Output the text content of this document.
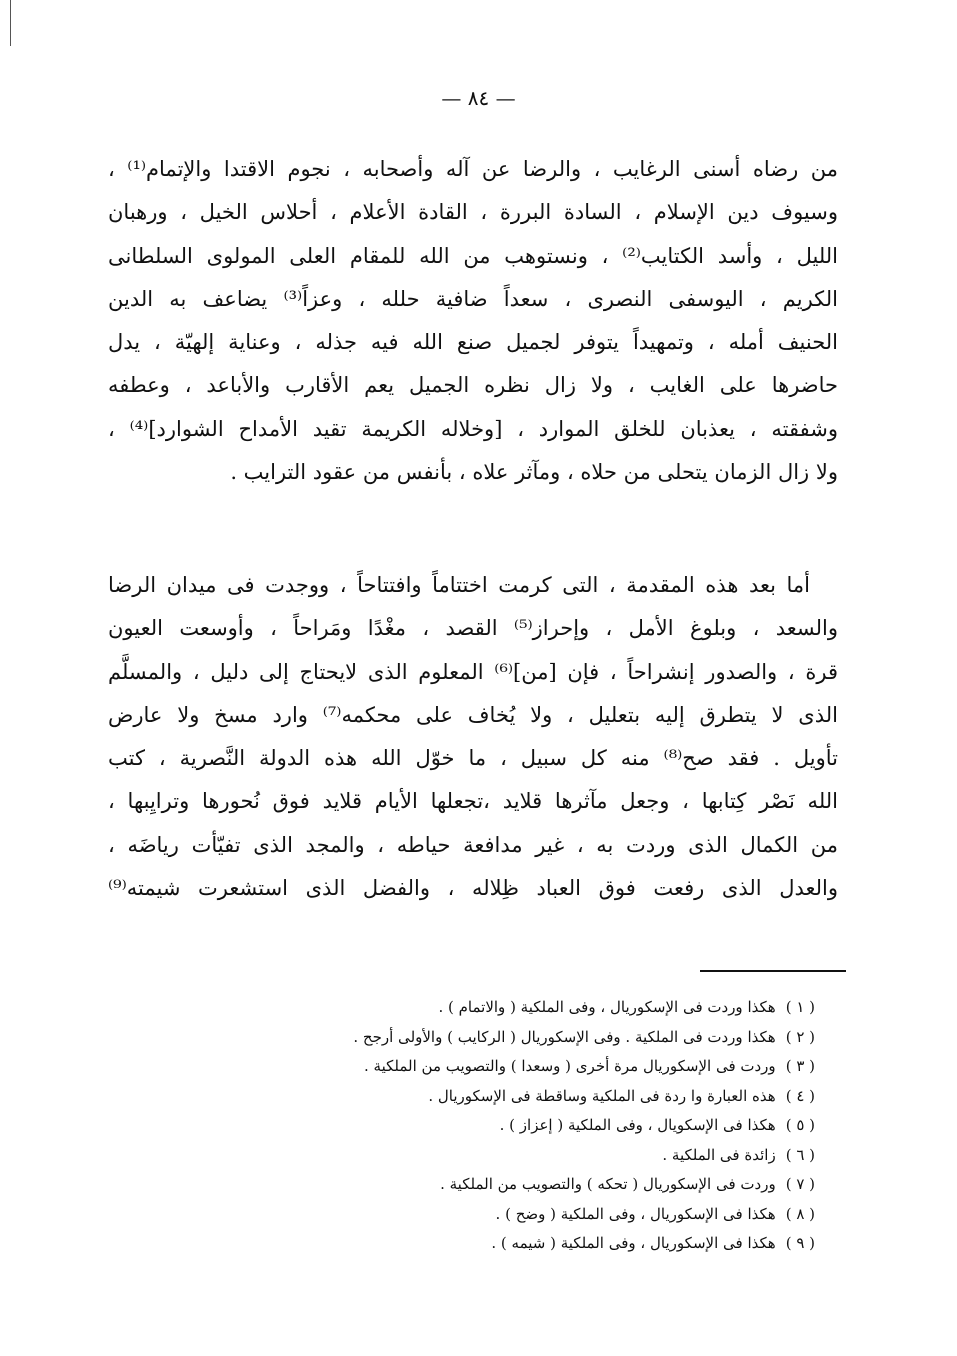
— ٨٤ —
من رضاه أسنى الرغايب ، والرضا عن آله وأصحابه ، نجوم الاقتدا والإتمام⁽¹⁾ ،
وسيوف دين الإسلام ، السادة البررة ، القادة الأعلام ، أحلاس الخيل ، ورهبان
الليل ، وأسد الكتايب⁽²⁾ ، ونستوهب من الله للمقام العلى المولوى السلطانى
الكريم ، اليوسفى النصرى ، سعداً ضافية حلله ، وعزاً⁽³⁾ يضاعف به الدين
الحنيف أمله ، وتمهيداً يتوفر لجميل صنع الله فيه جذله ، وعناية إلهيّة ، يدل
حاضرها على الغايب ، ولا زال نظره الجميل يعم الأقارب والأباعد ، وعطفه
وشفقته ، يعذبان للخلق الموارد ، [وخلاله الكريمة تقيد الأمداح الشوارد]⁽⁴⁾ ،
ولا زال الزمان يتحلى من حلاه ، ومآثر علاه ، بأنفس من عقود الترايب .
أما بعد هذه المقدمة ، التى كرمت اختتاماً وافتتاحاً ، ووجدت فى ميدان الرضا
والسعد ، وبلوغ الأمل ، وإحراز⁽⁵⁾ القصد ، مغْدًا ومَراحاً ، وأوسعت العيون
قرة ، والصدور إنشراحاً ، فإن [من]⁽⁶⁾ المعلوم الذى لايحتاج إلى دليل ، والمسلَّم
الذى لا يتطرق إليه بتعليل ، ولا يُخاف على محكمه⁽⁷⁾ وارد مسخ ولا عارض
تأويل . فقد صح⁽⁸⁾ منه كل سبيل ، ما خوّل الله هذه الدولة النَّصرية ، كتب
الله نَصْر كِتابها ، وجعل مآثرها قلايد ،تجعلها الأيام قلايد فوق نُحورها وترايِبها ،
من الكمال الذى وردت به ، غير مدافعة حياطه ، والمجد الذى تفيّأت رياضَه ،
والعدل الذى رفعت فوق العباد ظِلاله ، والفضل الذى استشعرت شيمته⁽⁹⁾
( ١ )هكذا وردت فى الإسكوريال ، وفى الملكية ( والاتمام ) .
( ٢ )هكذا وردت فى الملكية . وفى الإسكوريال ( الركايب ) والأولى أرجح .
( ٣ )وردت فى الإسكوريال مرة أخرى ( وسعدا ) والتصويب من الملكية .
( ٤ )هذه العبارة وا ردة فى الملكية وساقطة فى الإسكوريال .
( ٥ )هكذا فى الإسكويال ، وفى الملكية ( إعزاز ) .
( ٦ )زائدة فى الملكية .
( ٧ )وردت فى الإسكوريال ( تحكه ) والتصويب من الملكية .
( ٨ )هكذا فى الإسكوريال ، وفى الملكية ( وضح ) .
( ٩ )هكذا فى الإسكوريال ، وفى الملكية ( شيمه ) .
